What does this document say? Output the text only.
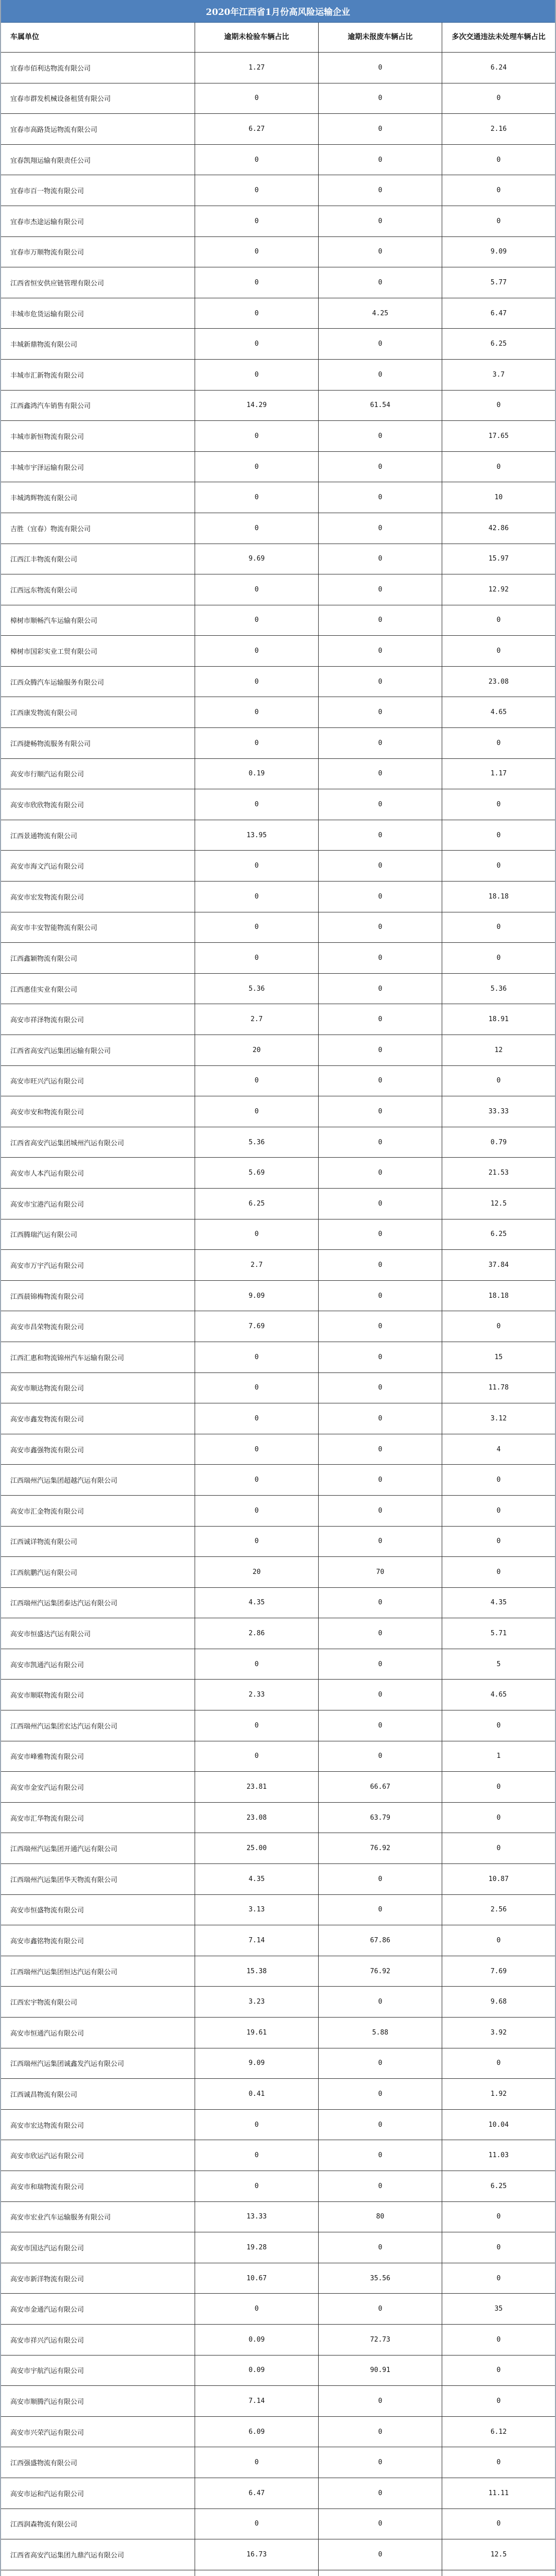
2020年江西省1月份高风险运输企业
车属单位	逾期未检验车辆占比	逾期未报废车辆占比	多次交通违法未处理车辆占比
宜春市佰利达物流有限公司	1.27	0	6.24
宜春市群发机械设备租赁有限公司	0	0	0
宜春市高路货运物流有限公司	6.27	0	2.16
宜春凯翔运输有限责任公司	0	0	0
宜春市百一物流有限公司	0	0	0
宜春市杰途运输有限公司	0	0	0
宜春市万顺物流有限公司	0	0	9.09
江西省恒安供应链管理有限公司	0	0	5.77
丰城市危货运输有限公司	0	4.25	6.47
丰城新鼎物流有限公司	0	0	6.25
丰城市汇新物流有限公司	0	0	3.7
江西鑫鸿汽车销售有限公司	14.29	61.54	0
丰城市新恒物流有限公司	0	0	17.65
丰城市宇泽运输有限公司	0	0	0
丰城鸿辉物流有限公司	0	0	10
吉胜（宜春）物流有限公司	0	0	42.86
江西江丰物流有限公司	9.69	0	15.97
江西远东物流有限公司	0	0	12.92
樟树市顺畅汽车运输有限公司	0	0	0
樟树市国彩实业工贸有限公司	0	0	0
江西众腾汽车运输服务有限公司	0	0	23.08
江西康发物流有限公司	0	0	4.65
江西捷畅物流服务有限公司	0	0	0
高安市行顺汽运有限公司	0.19	0	1.17
高安市欣欣物流有限公司	0	0	0
江西景通物流有限公司	13.95	0	0
高安市海文汽运有限公司	0	0	0
高安市宏发物流有限公司	0	0	18.18
高安市丰安智能物流有限公司	0	0	0
江西鑫颖物流有限公司	0	0	0
江西惠佳实业有限公司	5.36	0	5.36
高安市祥泽物流有限公司	2.7	0	18.91
江西省高安汽运集团运输有限公司	20	0	12
高安市旺兴汽运有限公司	0	0	0
高安市安和物流有限公司	0	0	33.33
江西省高安汽运集团城州汽运有限公司	5.36	0	0.79
高安市人本汽运有限公司	5.69	0	21.53
高安市宝港汽运有限公司	6.25	0	12.5
江西腾瑞汽运有限公司	0	0	6.25
高安市万宇汽运有限公司	2.7	0	37.84
江西晨锦梅物流有限公司	9.09	0	18.18
高安市昌荣物流有限公司	7.69	0	0
江西汇惠和物流锦州汽车运输有限公司	0	0	15
高安市顺达物流有限公司	0	0	11.78
高安市鑫发物流有限公司	0	0	3.12
高安市鑫强物流有限公司	0	0	4
江西瑞州汽运集团超越汽运有限公司	0	0	0
高安市汇金物流有限公司	0	0	0
江西诚详物流有限公司	0	0	0
江西航鹏汽运有限公司	20	70	0
江西瑞州汽运集团泰达汽运有限公司	4.35	0	4.35
高安市恒盛达汽运有限公司	2.86	0	5.71
高安市凯通汽运有限公司	0	0	5
高安市顺联物流有限公司	2.33	0	4.65
江西瑞州汽运集团宏达汽运有限公司	0	0	0
高安市峰雅物流有限公司	0	0	1
高安市金安汽运有限公司	23.81	66.67	0
高安市汇华物流有限公司	23.08	63.79	0
江西瑞州汽运集团开通汽运有限公司	25.00	76.92	0
江西瑞州汽运集团华天物流有限公司	4.35	0	10.87
高安市恒盛物流有限公司	3.13	0	2.56
高安市鑫铭物流有限公司	7.14	67.86	0
江西瑞州汽运集团恒达汽运有限公司	15.38	76.92	7.69
江西宏宇物流有限公司	3.23	0	9.68
高安市恒通汽运有限公司	19.61	5.88	3.92
江西瑞州汽运集团诚鑫发汽运有限公司	9.09	0	0
江西诚昌物流有限公司	0.41	0	1.92
高安市宏达物流有限公司	0	0	10.04
高安市欣运汽运有限公司	0	0	11.03
高安市和瑞物流有限公司	0	0	6.25
高安市宏业汽车运输服务有限公司	13.33	80	0
高安市国达汽运有限公司	19.28	0	0
高安市新洋物流有限公司	10.67	35.56	0
高安市金通汽运有限公司	0	0	35
高安市祥兴汽运有限公司	0.09	72.73	0
高安市宇航汽运有限公司	0.09	90.91	0
高安市顺腾汽运有限公司	7.14	0	0
高安市兴荣汽运有限公司	6.09	0	6.12
江西强盛物流有限公司	0	0	0
高安市运和汽运有限公司	6.47	0	11.11
江西润森物流有限公司	0	0	0
江西省高安汽运集团九鼎汽运有限公司	16.73	0	12.5
